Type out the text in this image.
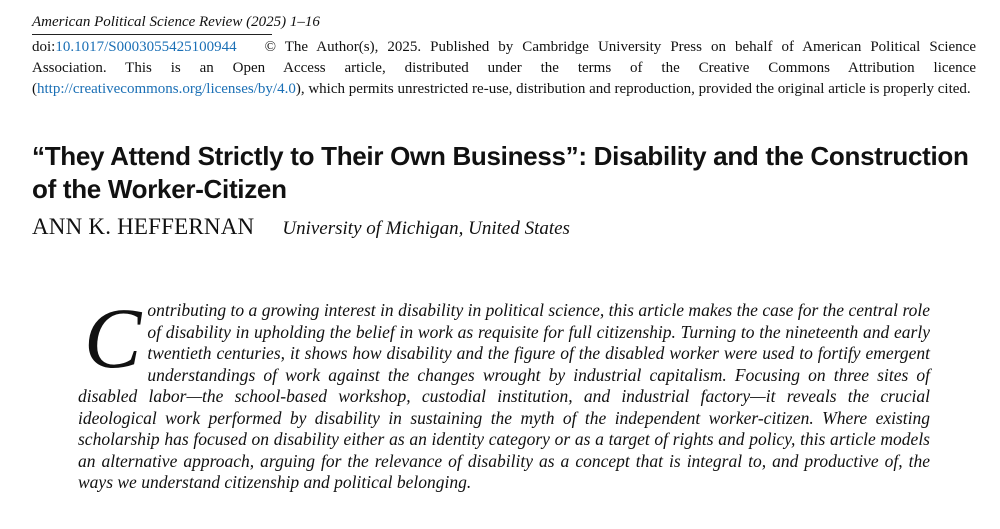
American Political Science Review (2025) 1–16
doi:10.1017/S0003055425100944 © The Author(s), 2025. Published by Cambridge University Press on behalf of American Political Science Association. This is an Open Access article, distributed under the terms of the Creative Commons Attribution licence (http://creativecommons.org/licenses/by/4.0), which permits unrestricted re-use, distribution and reproduction, provided the original article is properly cited.
“They Attend Strictly to Their Own Business”: Disability and the Construction of the Worker-Citizen
ANN K. HEFFERNAN University of Michigan, United States

Contributing to a growing interest in disability in political science, this article makes the case for the central role of disability in upholding the belief in work as requisite for full citizenship. Turning to the nineteenth and early twentieth centuries, it shows how disability and the figure of the disabled worker were used to fortify emergent understandings of work against the changes wrought by industrial capitalism. Focusing on three sites of disabled labor—the school-based workshop, custodial institution, and industrial factory—it reveals the crucial ideological work performed by disability in sustaining the myth of the independent worker-citizen. Where existing scholarship has focused on disability either as an identity category or as a target of rights and policy, this article models an alternative approach, arguing for the relevance of disability as a concept that is integral to, and productive of, the ways we understand citizenship and political belonging.
